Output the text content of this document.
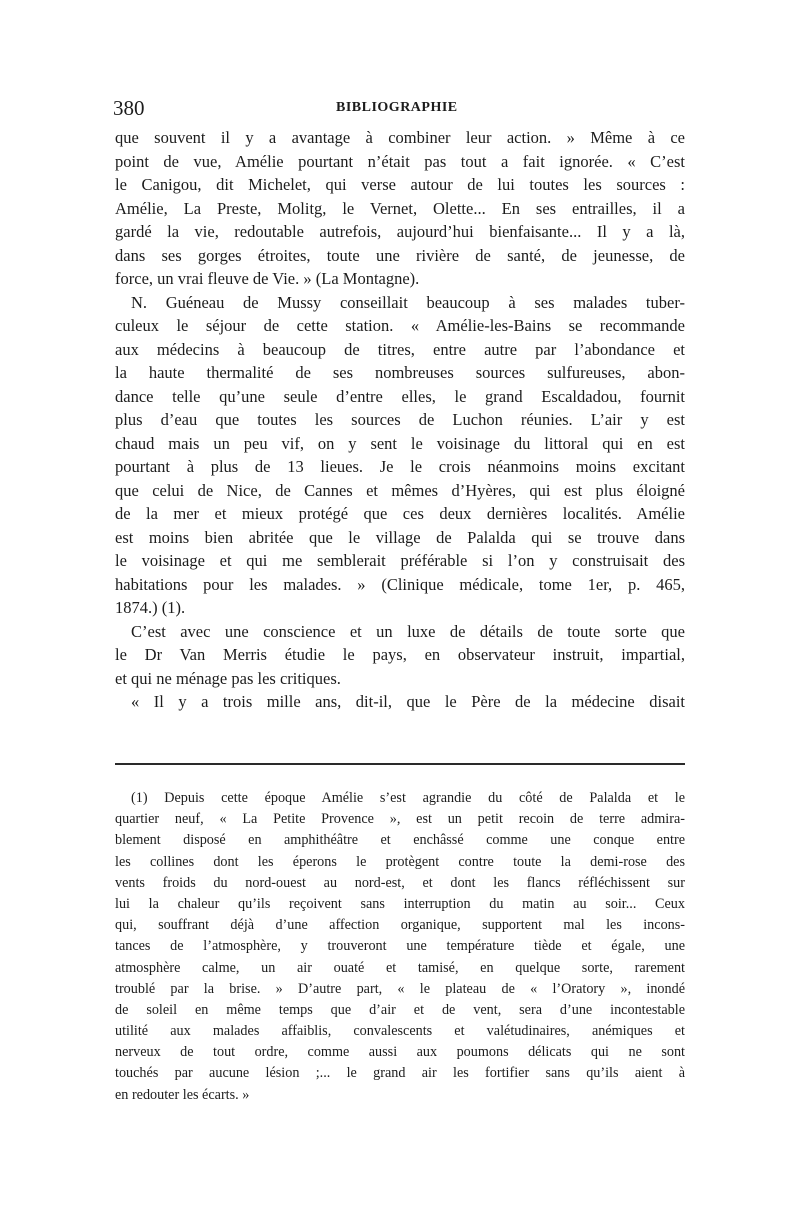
380	BIBLIOGRAPHIE
que souvent il y a avantage à combiner leur action. » Même à ce
point de vue, Amélie pourtant n’était pas tout a fait ignorée. « C’est
le Canigou, dit Michelet, qui verse autour de lui toutes les sources :
Amélie, La Preste, Molitg, le Vernet, Olette... En ses entrailles, il a
gardé la vie, redoutable autrefois, aujourd’hui bienfaisante... Il y a là,
dans ses gorges étroites, toute une rivière de santé, de jeunesse, de
force, un vrai fleuve de Vie. » (La Montagne).
N. Guéneau de Mussy conseillait beaucoup à ses malades tuber-
culeux le séjour de cette station. « Amélie-les-Bains se recommande
aux médecins à beaucoup de titres, entre autre par l’abondance et
la haute thermalité de ses nombreuses sources sulfureuses, abon-
dance telle qu’une seule d’entre elles, le grand Escaldadou, fournit
plus d’eau que toutes les sources de Luchon réunies. L’air y est
chaud mais un peu vif, on y sent le voisinage du littoral qui en est
pourtant à plus de 13 lieues. Je le crois néanmoins moins excitant
que celui de Nice, de Cannes et mêmes d’Hyères, qui est plus éloigné
de la mer et mieux protégé que ces deux dernières localités. Amélie
est moins bien abritée que le village de Palalda qui se trouve dans
le voisinage et qui me semblerait préférable si l’on y construisait des
habitations pour les malades. » (Clinique médicale, tome 1er, p. 465,
1874.) (1).
C’est avec une conscience et un luxe de détails de toute sorte que
le Dr Van Merris étudie le pays, en observateur instruit, impartial,
et qui ne ménage pas les critiques.
« Il y a trois mille ans, dit-il, que le Père de la médecine disait
(1) Depuis cette époque Amélie s’est agrandie du côté de Palalda et le
quartier neuf, « La Petite Provence », est un petit recoin de terre admira-
blement disposé en amphithéâtre et enchâssé comme une conque entre
les collines dont les éperons le protègent contre toute la demi-rose des
vents froids du nord-ouest au nord-est, et dont les flancs réfléchissent sur
lui la chaleur qu’ils reçoivent sans interruption du matin au soir... Ceux
qui, souffrant déjà d’une affection organique, supportent mal les incons-
tances de l’atmosphère, y trouveront une température tiède et égale, une
atmosphère calme, un air ouaté et tamisé, en quelque sorte, rarement
troublé par la brise. » D’autre part, « le plateau de « l’Oratory », inondé
de soleil en même temps que d’air et de vent, sera d’une incontestable
utilité aux malades affaiblis, convalescents et valétudinaires, anémiques et
nerveux de tout ordre, comme aussi aux poumons délicats qui ne sont
touchés par aucune lésion ;... le grand air les fortifier sans qu’ils aient à
en redouter les écarts. »
